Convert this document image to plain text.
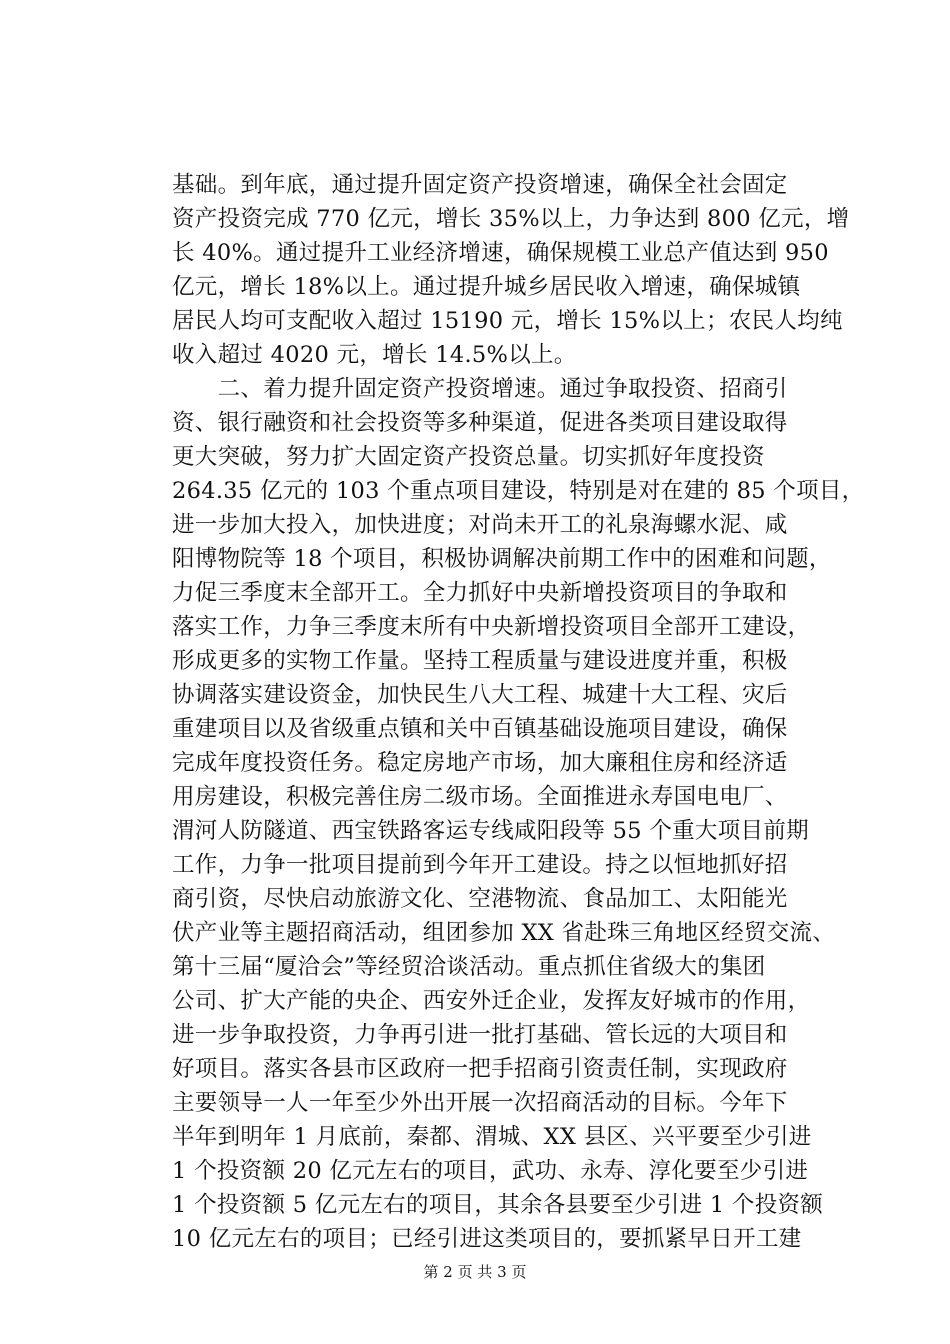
基础。到年底，通过提升固定资产投资增速，确保全社会固定
资产投资完成 770 亿元，增长 35%以上，力争达到 800 亿元，增
长 40%。通过提升工业经济增速，确保规模工业总产值达到 950
亿元，增长 18%以上。通过提升城乡居民收入增速，确保城镇
居民人均可支配收入超过 15190 元，增长 15%以上；农民人均纯
收入超过 4020 元，增长 14.5%以上。
　　二、着力提升固定资产投资增速。通过争取投资、招商引
资、银行融资和社会投资等多种渠道，促进各类项目建设取得
更大突破，努力扩大固定资产投资总量。切实抓好年度投资
264.35 亿元的 103 个重点项目建设，特别是对在建的 85 个项目，
进一步加大投入，加快进度；对尚未开工的礼泉海螺水泥、咸
阳博物院等 18 个项目，积极协调解决前期工作中的困难和问题，
力促三季度末全部开工。全力抓好中央新增投资项目的争取和
落实工作，力争三季度末所有中央新增投资项目全部开工建设，
形成更多的实物工作量。坚持工程质量与建设进度并重，积极
协调落实建设资金，加快民生八大工程、城建十大工程、灾后
重建项目以及省级重点镇和关中百镇基础设施项目建设，确保
完成年度投资任务。稳定房地产市场，加大廉租住房和经济适
用房建设，积极完善住房二级市场。全面推进永寿国电电厂、
渭河人防隧道、西宝铁路客运专线咸阳段等 55 个重大项目前期
工作，力争一批项目提前到今年开工建设。持之以恒地抓好招
商引资，尽快启动旅游文化、空港物流、食品加工、太阳能光
伏产业等主题招商活动，组团参加 XX 省赴珠三角地区经贸交流、
第十三届“厦洽会”等经贸洽谈活动。重点抓住省级大的集团
公司、扩大产能的央企、西安外迁企业，发挥友好城市的作用，
进一步争取投资，力争再引进一批打基础、管长远的大项目和
好项目。落实各县市区政府一把手招商引资责任制，实现政府
主要领导一人一年至少外出开展一次招商活动的目标。今年下
半年到明年 1 月底前，秦都、渭城、XX 县区、兴平要至少引进
1 个投资额 20 亿元左右的项目，武功、永寿、淳化要至少引进
1 个投资额 5 亿元左右的项目，其余各县要至少引进 1 个投资额
10 亿元左右的项目；已经引进这类项目的，要抓紧早日开工建
第 2 页 共 3 页
